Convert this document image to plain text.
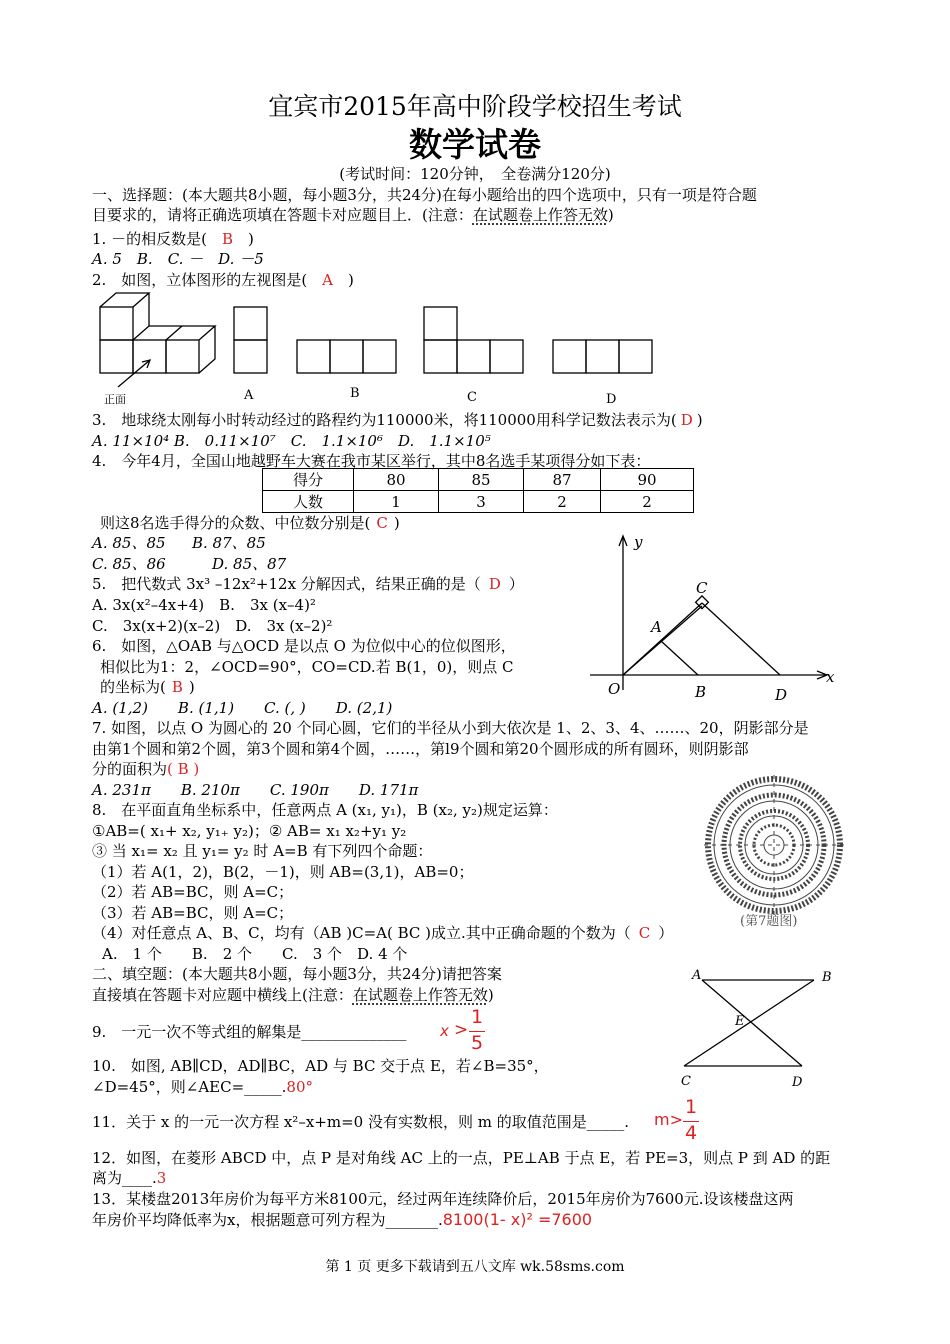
宜宾市2015年高中阶段学校招生考试
数学试卷
(考试时间：120分钟，　全卷满分120分)
一、选择题：(本大题共8小题，每小题3分，共24分)在每小题给出的四个选项中，只有一项是符合题
目要求的，请将正确选项填在答题卡对应题目上．(注意：在试题卷上作答无效)
1. －的相反数是(　B　)
A. 5　B.　C. －　D. －5
2.　如图，立体图形的左视图是(　A　)
正面	A	B	C	D
3.　地球绕太刚每小时转动经过的路程约为110000米，将110000用科学记数法表示为( D )
A. 11×10⁴ B.　0.11×10⁷　C.　1.1×10⁶　D.　1.1×10⁵
4.　今年4月，全国山地越野车大赛在我市某区举行，其中8名选手某项得分如下表：
得分	80	85	87	90
人数	1	3	2	2
则这8名选手得分的众数、中位数分别是( C )
A. 85、85 B. 87、85
C. 85、86	D. 85、87
5.　把代数式 3x³ –12x²+12x 分解因式，结果正确的是（ D ）
A. 3x(x²–4x+4)　B.　3x (x–4)²
C.　3x(x+2)(x–2)　D.　3x (x–2)²
6.　如图，△OAB 与△OCD 是以点 O 为位似中心的位似图形，
相似比为1：2，∠OCD=90°，CO=CD.若 B(1，0)，则点 C
的坐标为( B )
A. (1,2)　　B. (1,1)　　C. (, )　　D. (2,1)
y
x
O
A
B
C
D
7. 如图，以点 O 为圆心的 20 个同心圆，它们的半径从小到大依次是 1、2、3、4、……、20，阴影部分是
由第1个圆和第2个圆，第3个圆和第4个圆，……，第l9个圆和第20个圆形成的所有圆环，则阴影部
分的面积为( B )
A. 231π　　B. 210π　　C. 190π　　D. 171π
(第7题图)
8.　在平面直角坐标系中，任意两点 A (x₁, y₁)，B (x₂, y₂)规定运算：
①AB=( x₁+ x₂, y₁₊ y₂)；② AB= x₁ x₂+y₁ y₂
③ 当 x₁= x₂ 且 y₁= y₂ 时 A=B 有下列四个命题：
（1）若 A(1，2)，B(2，－1)，则 AB=(3,1)，AB=0；
（2）若 AB=BC，则 A=C；
（3）若 AB=BC，则 A=C；
（4）对任意点 A、B、C，均有（AB )C=A( BC )成立.其中正确命题的个数为（ C ）
A.　1 个　　B.　2 个　　C.　3 个　D. 4 个
二、填空题：(本大题共8小题，每小题3分，共24分)请把答案
直接填在答题卡对应题中横线上(注意：在试题卷上作答无效)
A	B
E
C	D
9.　一元一次不等式组的解集是______________ x >
1
5
10.　如图, AB∥CD，AD∥BC，AD 与 BC 交于点 E，若∠B=35°，
∠D=45°，则∠AEC=_____.80°
11．关于 x 的一元一次方程 x²–x+m=0 没有实数根，则 m 的取值范围是_____. m>
1
4
12．如图，在菱形 ABCD 中，点 P 是对角线 AC 上的一点，PE⊥AB 于点 E，若 PE=3，则点 P 到 AD 的距
离为____.3
13．某楼盘2013年房价为每平方米8100元，经过两年连续降价后，2015年房价为7600元.设该楼盘这两
年房价平均降低率为x，根据题意可列方程为_______.8100(1- x)² =7600
第 1 页 更多下载请到五八文库 wk.58sms.com
